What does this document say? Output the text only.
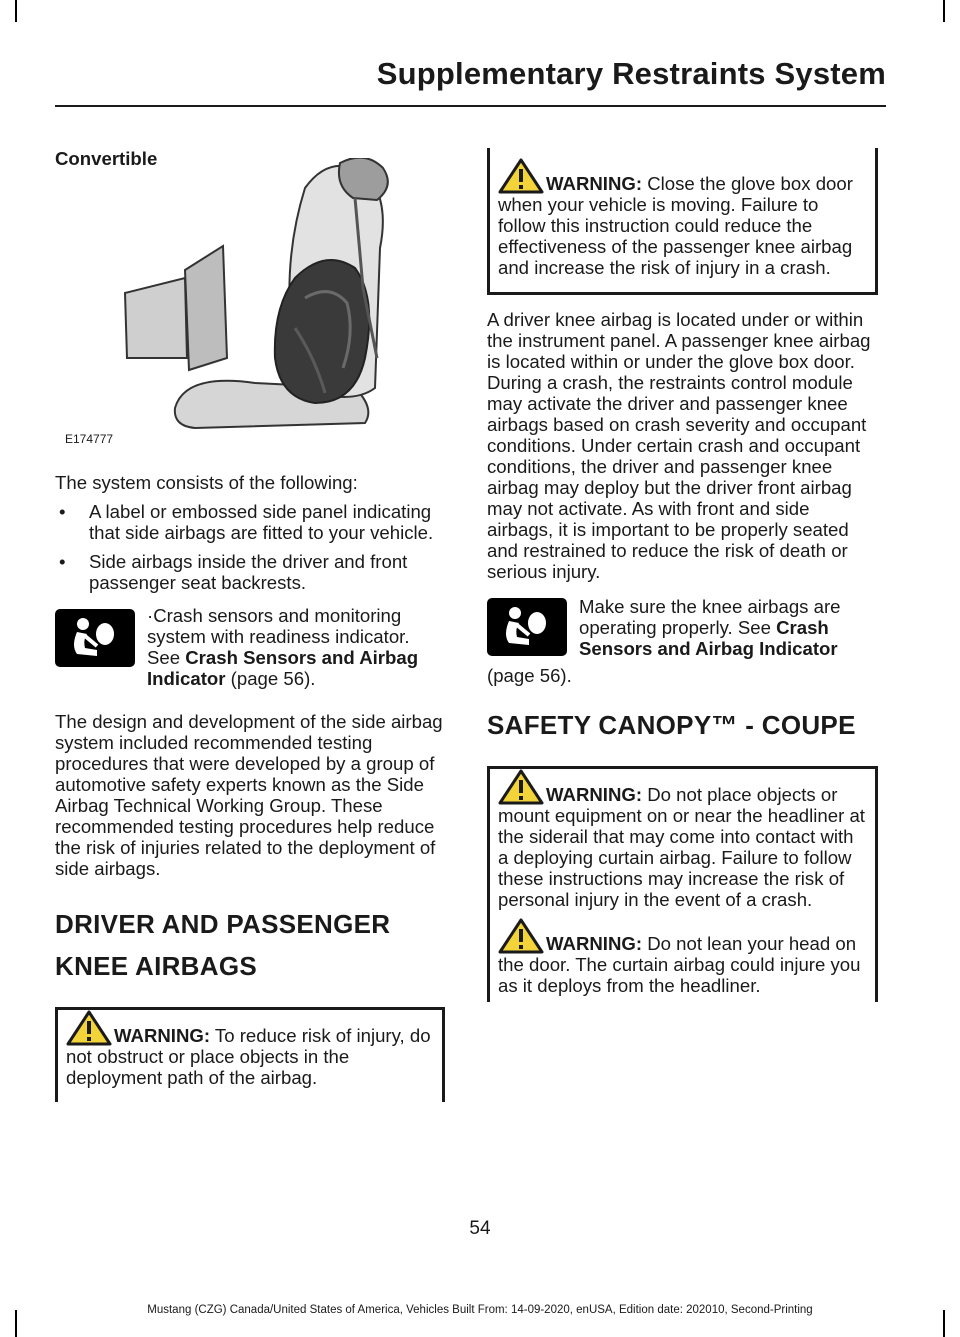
Supplementary Restraints System
Convertible
E174777

The system consists of the following:

• A label or embossed side panel indicating that side airbags are fitted to your vehicle.
• Side airbags inside the driver and front passenger seat backrests.

·Crash sensors and monitoring system with readiness indicator. See Crash Sensors and Airbag Indicator (page 56).

The design and development of the side airbag system included recommended testing procedures that were developed by a group of automotive safety experts known as the Side Airbag Technical Working Group. These recommended testing procedures help reduce the risk of injuries related to the deployment of side airbags.

DRIVER AND PASSENGER
KNEE AIRBAGS

WARNING: To reduce risk of injury, do not obstruct or place objects in the deployment path of the airbag.

WARNING: Close the glove box door when your vehicle is moving. Failure to follow this instruction could reduce the effectiveness of the passenger knee airbag and increase the risk of injury in a crash.

A driver knee airbag is located under or within the instrument panel. A passenger knee airbag is located within or under the glove box door. During a crash, the restraints control module may activate the driver and passenger knee airbags based on crash severity and occupant conditions. Under certain crash and occupant conditions, the driver and passenger knee airbag may deploy but the driver front airbag may not activate. As with front and side airbags, it is important to be properly seated and restrained to reduce the risk of death or serious injury.

Make sure the knee airbags are operating properly. See Crash Sensors and Airbag Indicator

(page 56).

SAFETY CANOPY™ - COUPE

WARNING: Do not place objects or mount equipment on or near the headliner at the siderail that may come into contact with a deploying curtain airbag. Failure to follow these instructions may increase the risk of personal injury in the event of a crash.

WARNING: Do not lean your head on the door. The curtain airbag could injure you as it deploys from the headliner.

54
Mustang (CZG) Canada/United States of America, Vehicles Built From: 14-09-2020, enUSA, Edition date: 202010, Second-Printing
